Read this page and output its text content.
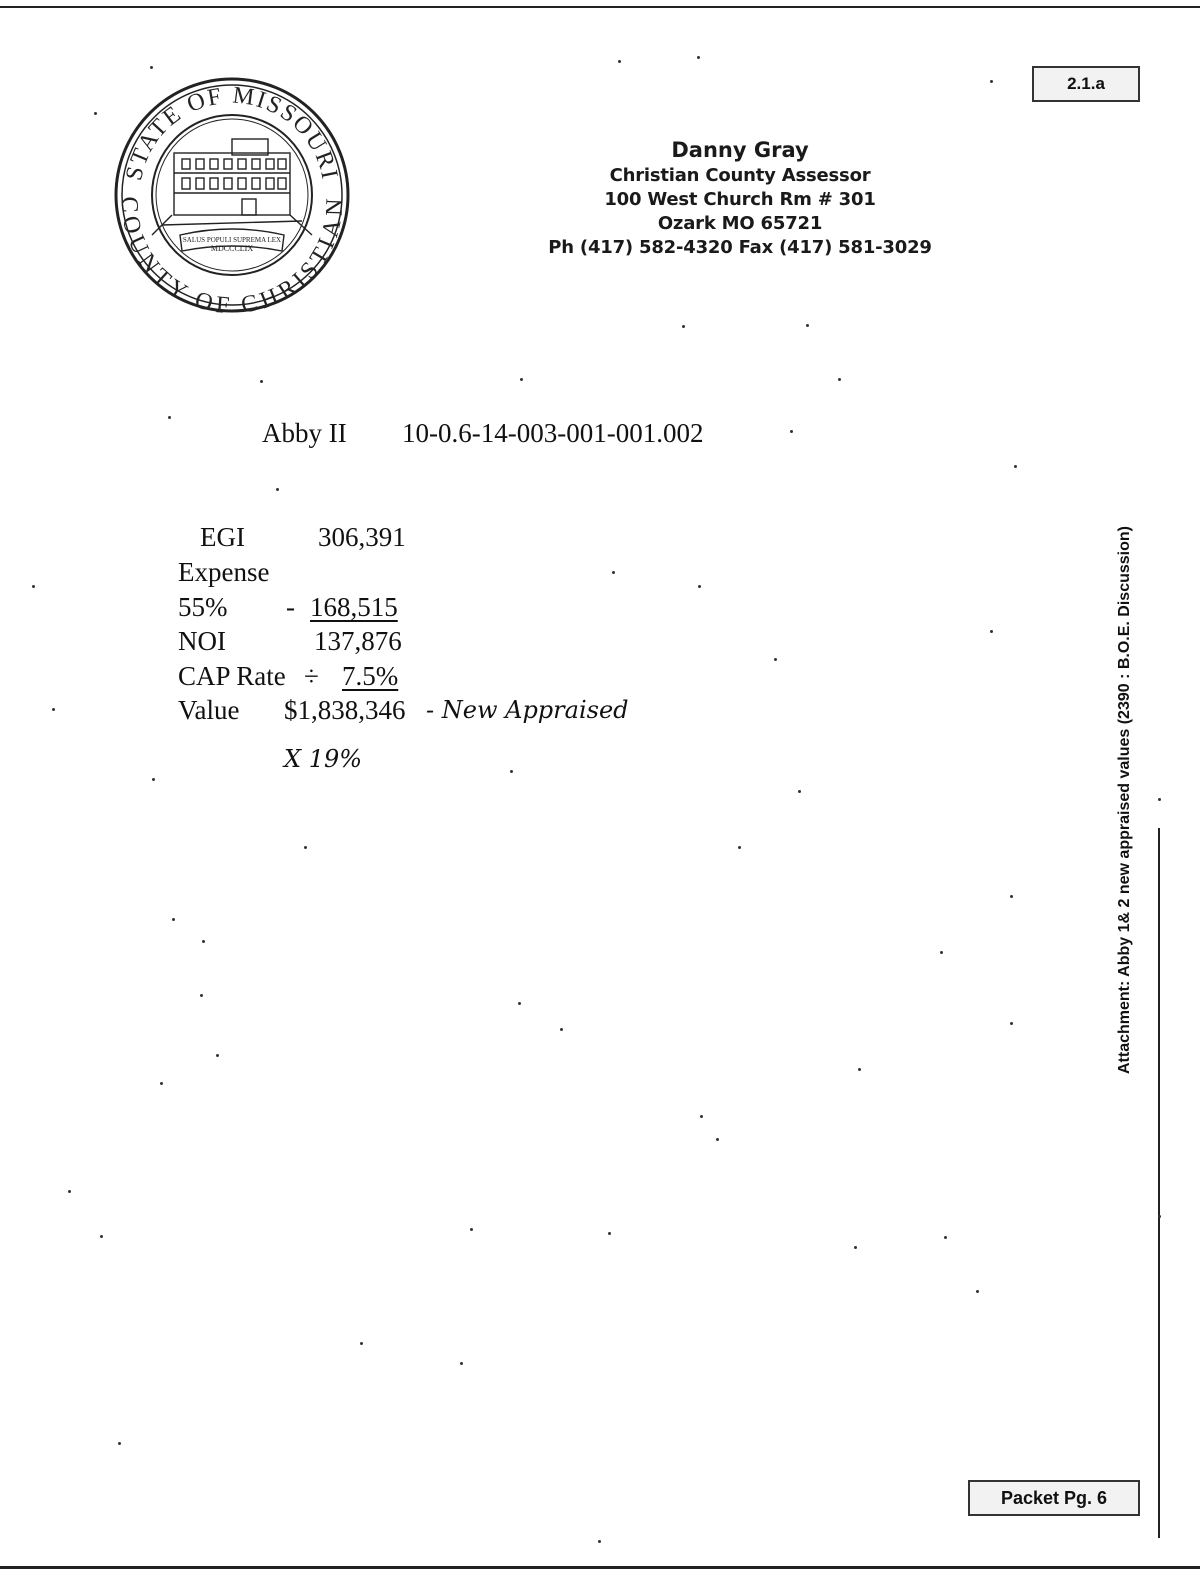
STATE OF MISSOURI
COUNTY OF CHRISTIAN
SALUS POPULI SUPREMA LEX
MDCCCLIX
Danny Gray
Christian County Assessor
100 West Church Rm # 301
Ozark MO 65721
Ph (417) 582-4320 Fax (417) 581-3029
2.1.a
Packet Pg. 6
Attachment: Abby 1& 2 new appraised values (2390 : B.O.E. Discussion)
Abby II 10-0.6-14-003-001-001.002
EGI	306,391
Expense
55% - 168,515
NOI	137,876
CAP Rate ÷ 7.5%
Value $1,838,346 - New Appraised
X 19%
